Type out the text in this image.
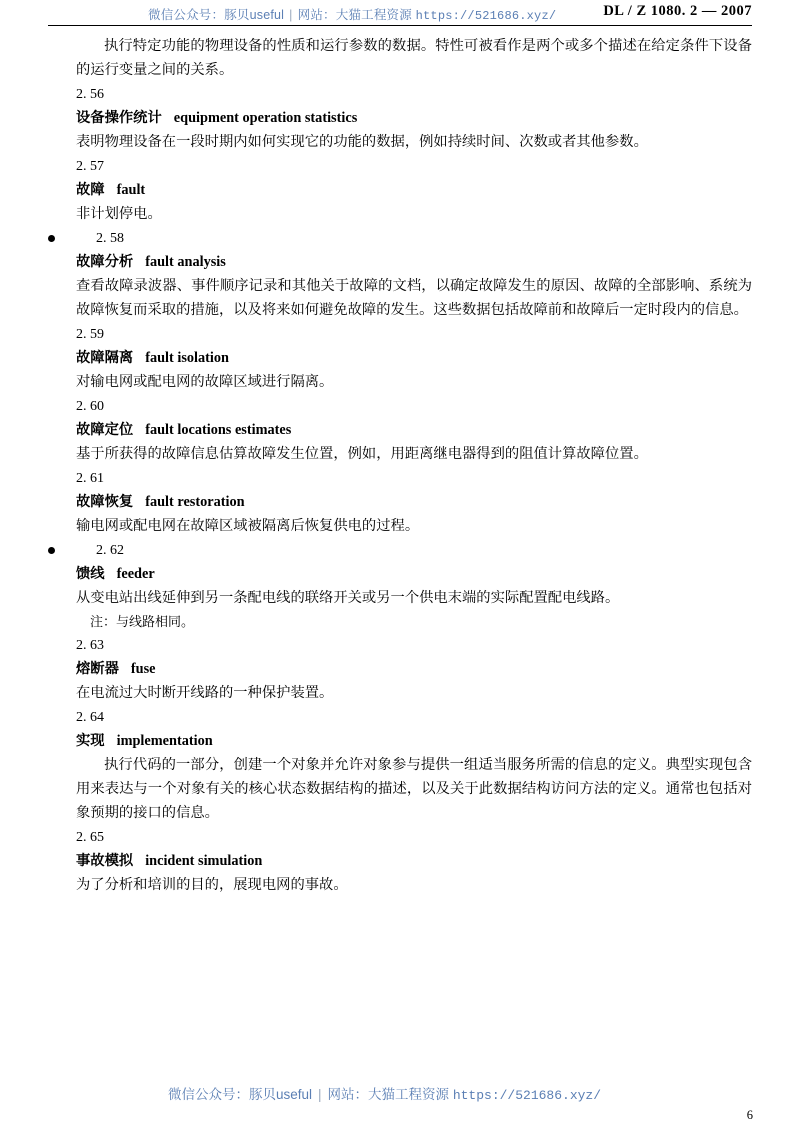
微信公众号：豚贝useful | 网站：大猫工程资源 https://521686.xyz/	DL / Z 1080. 2 — 2007

执行特定功能的物理设备的性质和运行参数的数据。特性可被看作是两个或多个描述在给定条件下设备的运行变量之间的关系。

2. 56
设备操作统计 equipment operation statistics
表明物理设备在一段时期内如何实现它的功能的数据，例如持续时间、次数或者其他参数。
2. 57
故障 fault
非计划停电。
2. 58
故障分析 fault analysis
查看故障录波器、事件顺序记录和其他关于故障的文档，以确定故障发生的原因、故障的全部影响、系统为故障恢复而采取的措施，以及将来如何避免故障的发生。这些数据包括故障前和故障后一定时段内的信息。
2. 59
故障隔离 fault isolation
对输电网或配电网的故障区域进行隔离。
2. 60
故障定位 fault locations estimates
基于所获得的故障信息估算故障发生位置，例如，用距离继电器得到的阻值计算故障位置。
2. 61
故障恢复 fault restoration
输电网或配电网在故障区域被隔离后恢复供电的过程。
2. 62
馈线 feeder
从变电站出线延伸到另一条配电线的联络开关或另一个供电末端的实际配置配电线路。
注：与线路相同。
2. 63
熔断器 fuse
在电流过大时断开线路的一种保护装置。
2. 64
实现 implementation
执行代码的一部分，创建一个对象并允许对象参与提供一组适当服务所需的信息的定义。典型实现包含用来表达与一个对象有关的核心状态数据结构的描述，以及关于此数据结构访问方法的定义。通常也包括对象预期的接口的信息。
2. 65
事故模拟 incident simulation
为了分析和培训的目的，展现电网的事故。
微信公众号：豚贝useful | 网站：大猫工程资源 https://521686.xyz/
6
